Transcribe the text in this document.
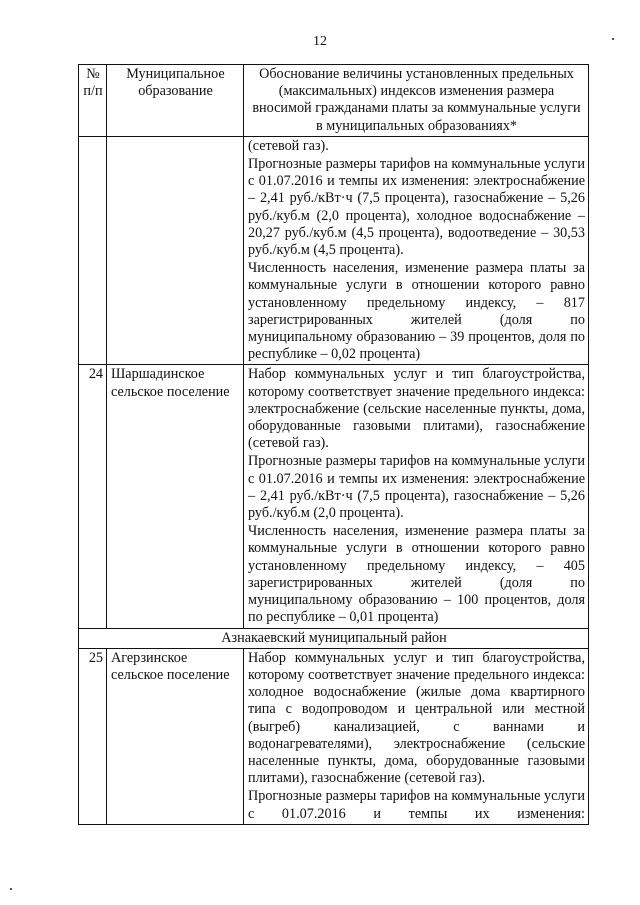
12
№ п/п	Муниципальное образование	Обоснование величины установленных предельных (максимальных) индексов изменения размера вносимой гражданами платы за коммунальные услуги в муниципальных образованиях*

		(сетевой газ).
Прогнозные размеры тарифов на коммунальные услуги с 01.07.2016 и темпы их изменения: электроснабжение – 2,41 руб./кВт·ч (7,5 процента), газоснабжение – 5,26 руб./куб.м (2,0 процента), холодное водоснабжение – 20,27 руб./куб.м (4,5 процента), водоотведение – 30,53 руб./куб.м (4,5 процента).
Численность населения, изменение размера платы за коммунальные услуги в отношении которого равно установленному предельному индексу, – 817 зарегистрированных жителей (доля по муниципальному образованию – 39 процентов, доля по республике – 0,02 процента)

24	Шаршадинское сельское поселение	Набор коммунальных услуг и тип благоустройства, которому соответствует значение предельного индекса: электроснабжение (сельские населенные пункты, дома, оборудованные газовыми плитами), газоснабжение (сетевой газ).
Прогнозные размеры тарифов на коммунальные услуги с 01.07.2016 и темпы их изменения: электроснабжение – 2,41 руб./кВт·ч (7,5 процента), газоснабжение – 5,26 руб./куб.м (2,0 процента).
Численность населения, изменение размера платы за коммунальные услуги в отношении которого равно установленному предельному индексу, – 405 зарегистрированных жителей (доля по муниципальному образованию – 100 процентов, доля по республике – 0,01 процента)

Азнакаевский муниципальный район		
25	Агерзинское сельское поселение	Набор коммунальных услуг и тип благоустройства, которому соответствует значение предельного индекса: холодное водоснабжение (жилые дома квартирного типа с водопроводом и центральной или местной (выгреб) канализацией, с ваннами и водонагревателями), электроснабжение (сельские населенные пункты, дома, оборудованные газовыми плитами), газоснабжение (сетевой газ).
Прогнозные размеры тарифов на коммунальные услуги с 01.07.2016 и темпы их изменения:
